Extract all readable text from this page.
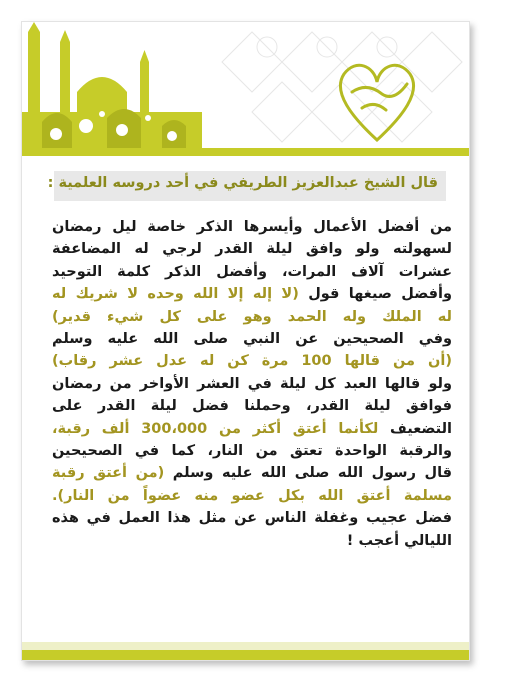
قال الشيخ عبدالعزيز الطريفي في أحد دروسه العلمية :
من أفضل الأعمال وأيسرها الذكر خاصة ليل رمضان
لسهولته ولو وافق ليلة القدر لرجي له المضاعفة
عشرات آلاف المرات، وأفضل الذكر كلمة التوحيد
وأفضل صيغها قول (لا إله إلا الله وحده لا شريك له
له الملك وله الحمد وهو على كل شيء قدير)
وفي الصحيحين عن النبي صلى الله عليه وسلم
(أن من قالها 100 مرة كن له عدل عشر رقاب)
ولو قالها العبد كل ليلة في العشر الأواخر من رمضان
فوافق ليلة القدر، وحملنا فضل ليلة القدر على
التضعيف لكأنما أعتق أكثر من 300،000 ألف رقبة،
والرقبة الواحدة تعتق من النار، كما في الصحيحين
قال رسول الله صلى الله عليه وسلم (من أعتق رقبة
مسلمة أعتق الله بكل عضو منه عضواً من النار).
فضل عجيب وغفلة الناس عن مثل هذا العمل في هذه
الليالي أعجب !
